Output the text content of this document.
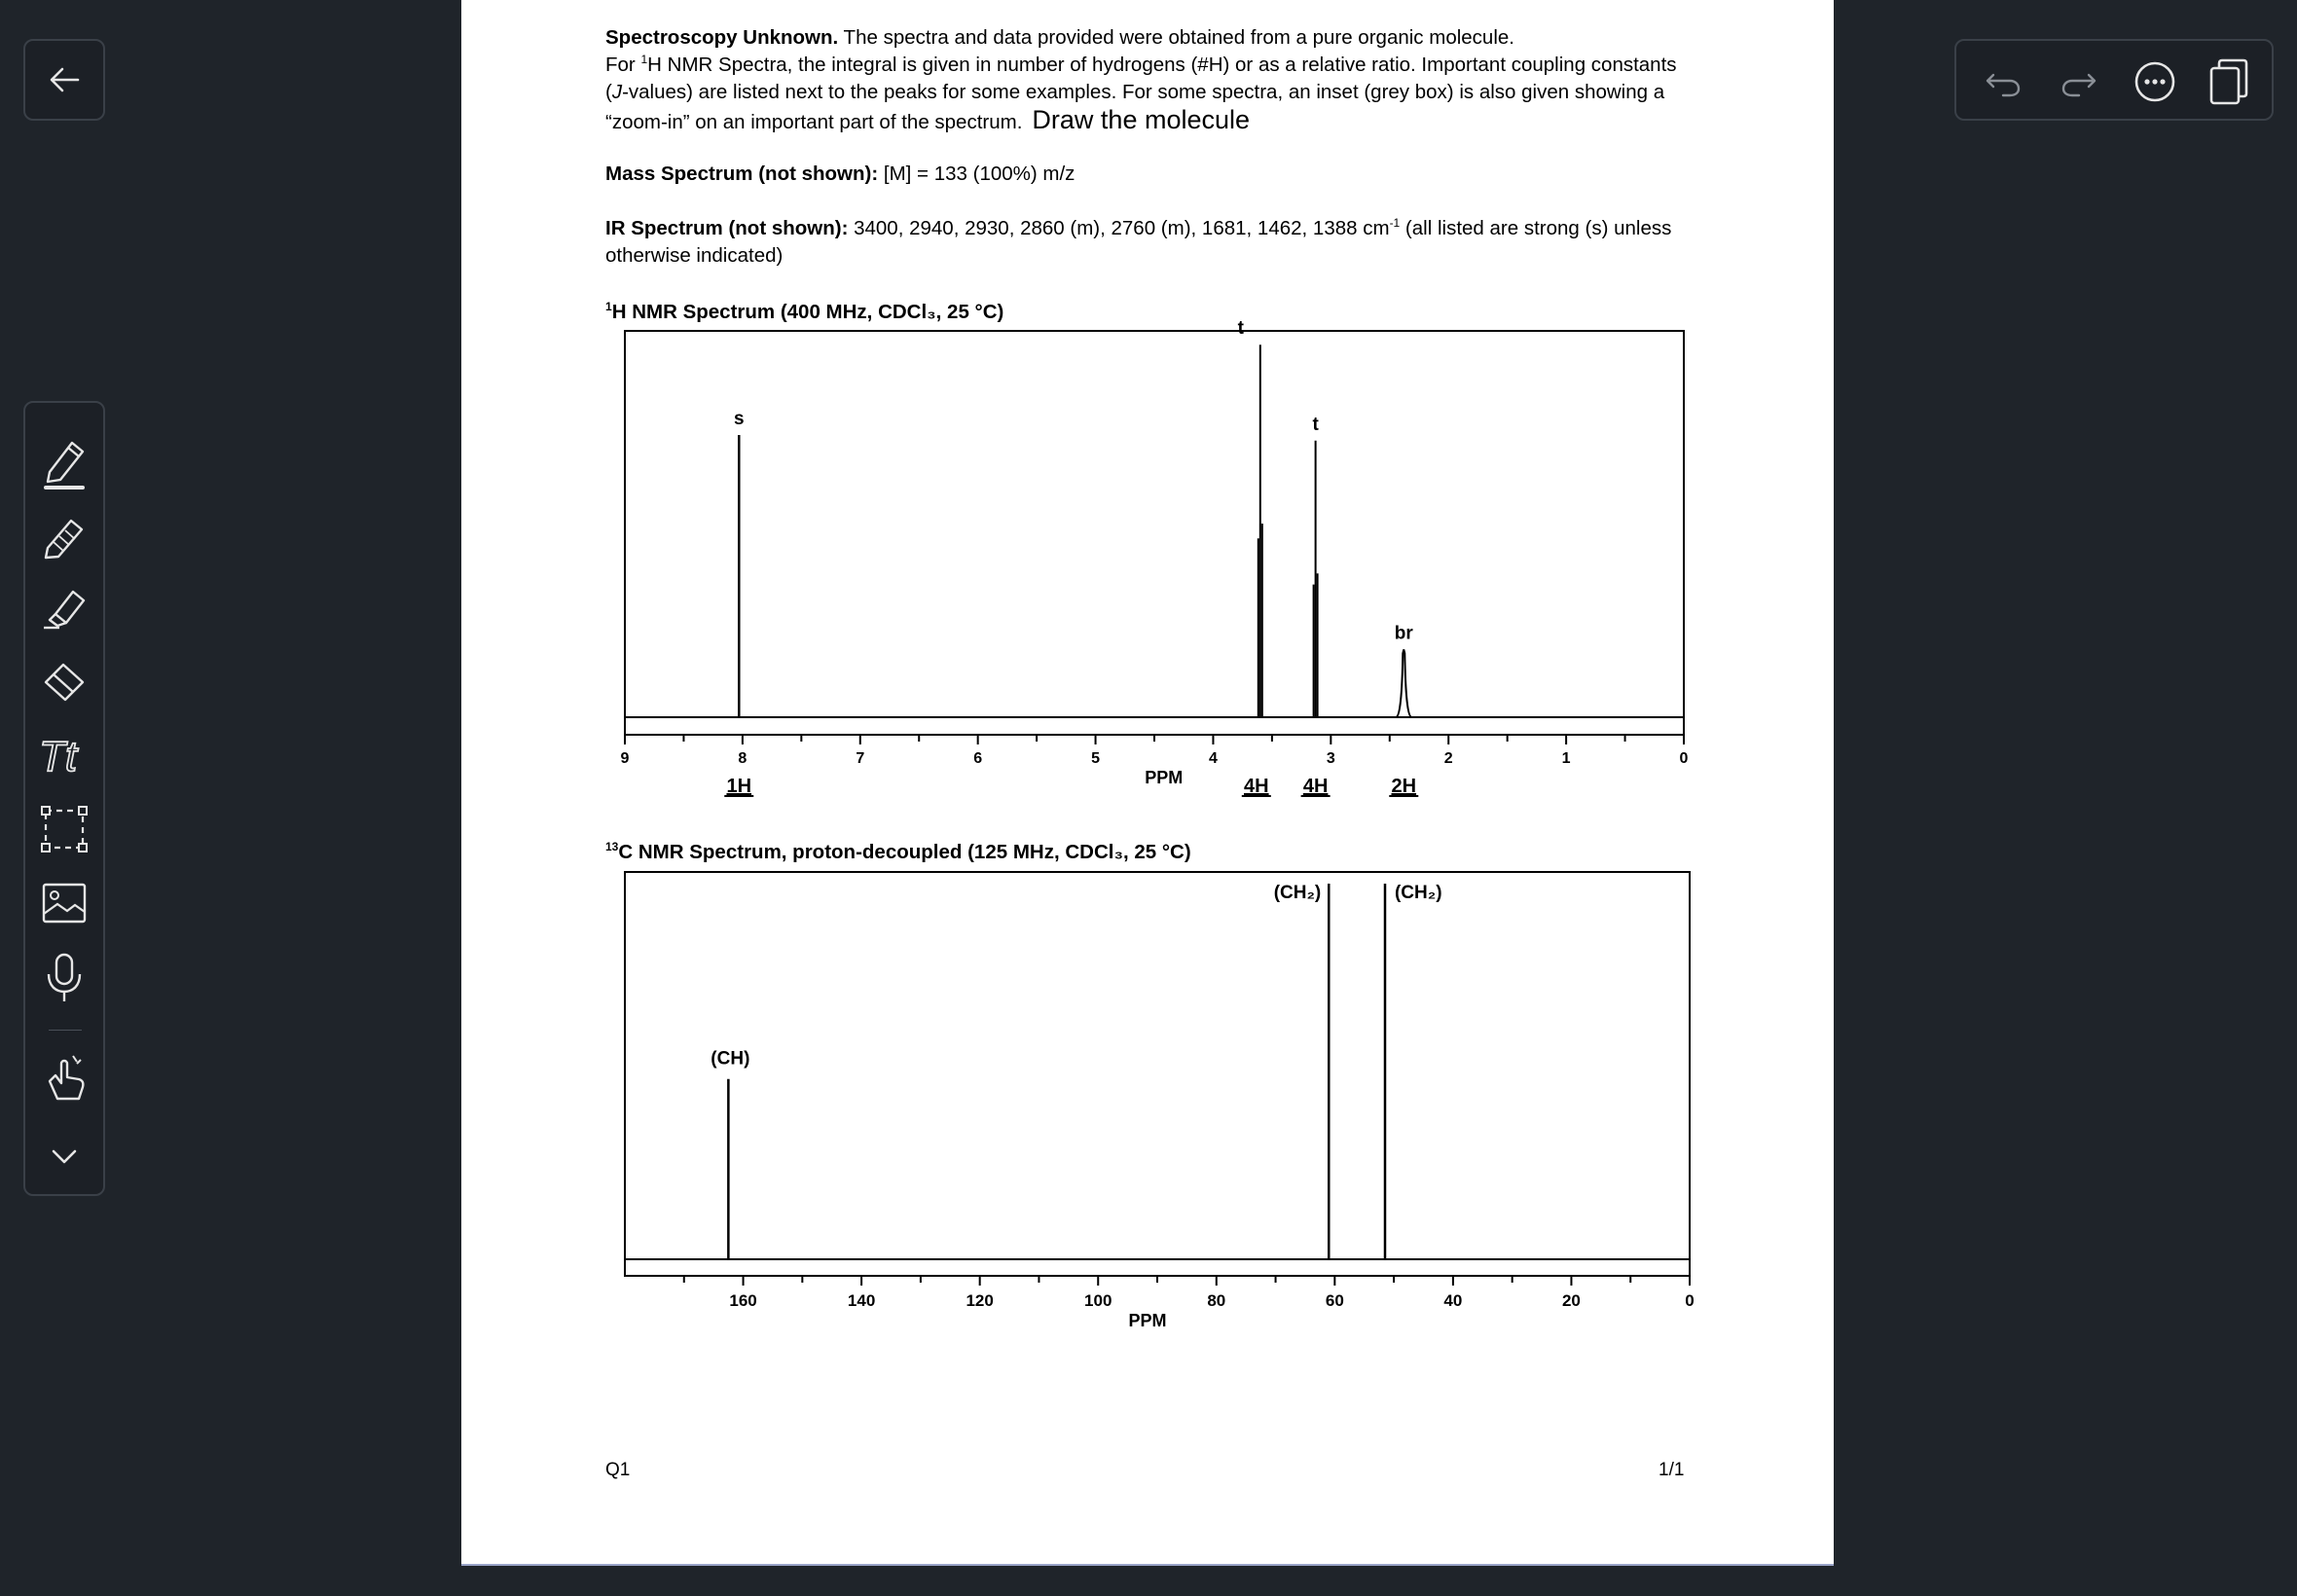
Tt
Spectroscopy Unknown. The spectra and data provided were obtained from a pure organic molecule.
For $^1$H NMR Spectra, the integral is given in number of hydrogens (#H) or as a relative ratio. Important coupling constants
(J-values) are listed next to the peaks for some examples. For some spectra, an inset (grey box) is also given showing a
“zoom-in” on an important part of the spectrum. Draw the molecule
Mass Spectrum (not shown): [M] = 133 (100%) m/z
IR Spectrum (not shown): 3400, 2940, 2930, 2860 (m), 2760 (m), 1681, 1462, 1388 $cm^{-1}$ (all listed are strong (s) unless
otherwise indicated)
$^1$H NMR Spectrum (400 MHz, CDCl₃, 25 °C)
9	8	7	6	5	4	3	2	1	0
PPM
s
1H
t
4H
t
4H
br
2H
$^{13}$C NMR Spectrum, proton-decoupled (125 MHz, CDCl₃, 25 °C)
160	140	120	100	80	60	40	20	0
PPM
(CH)
(CH₂)	(CH₂)
Q1	1/1
